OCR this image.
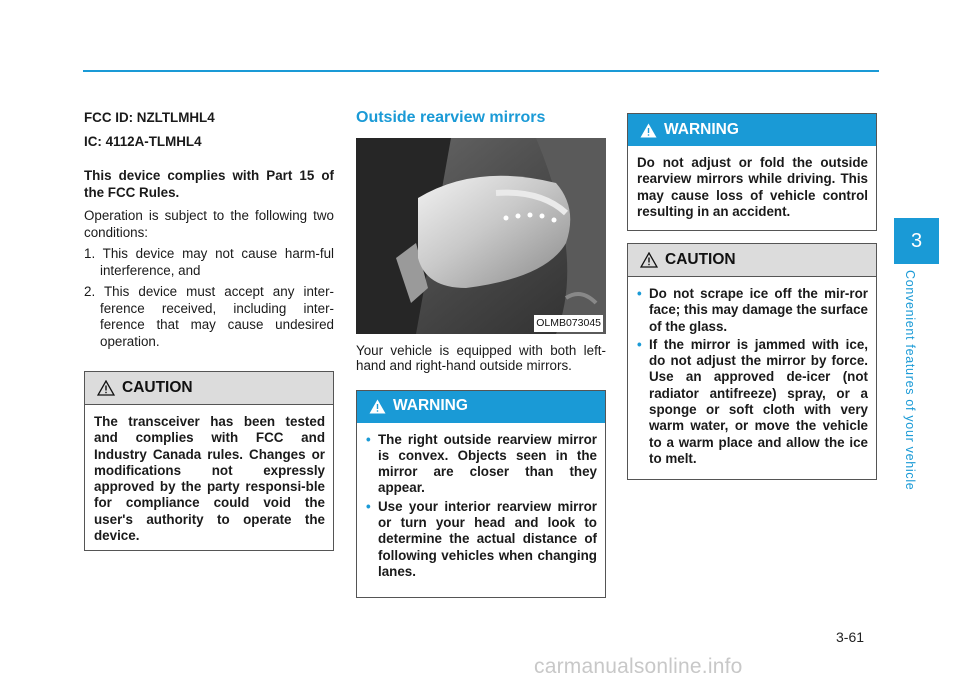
FCC ID: NZLTLMHL4

IC: 4112A-TLMHL4

This device complies with Part 15 of the FCC Rules.

Operation is subject to the following two conditions:

1. This device may not cause harm-ful interference, and

2. This device must accept any inter-ference received, including inter-ference that may cause undesired operation.

CAUTION
The transceiver has been tested and complies with FCC and Industry Canada rules. Changes or modifications not expressly approved by the party responsi-ble for compliance could void the user's authority to operate the device.

Outside rearview mirrors

OLMB073045

Your vehicle is equipped with both left-hand and right-hand outside mirrors.

WARNING
• The right outside rearview mirror is convex. Objects seen in the mirror are closer than they appear.
• Use your interior rearview mirror or turn your head and look to determine the actual distance of following vehicles when changing lanes.
WARNING
Do not adjust or fold the outside rearview mirrors while driving. This may cause loss of vehicle control resulting in an accident.
CAUTION
• Do not scrape ice off the mir-ror face; this may damage the surface of the glass.
• If the mirror is jammed with ice, do not adjust the mirror by force. Use an approved de-icer (not radiator antifreeze) spray, or a sponge or soft cloth with very warm water, or move the vehicle to a warm place and allow the ice to melt.
3
Convenient features of your vehicle
3-61
carmanualsonline.info
